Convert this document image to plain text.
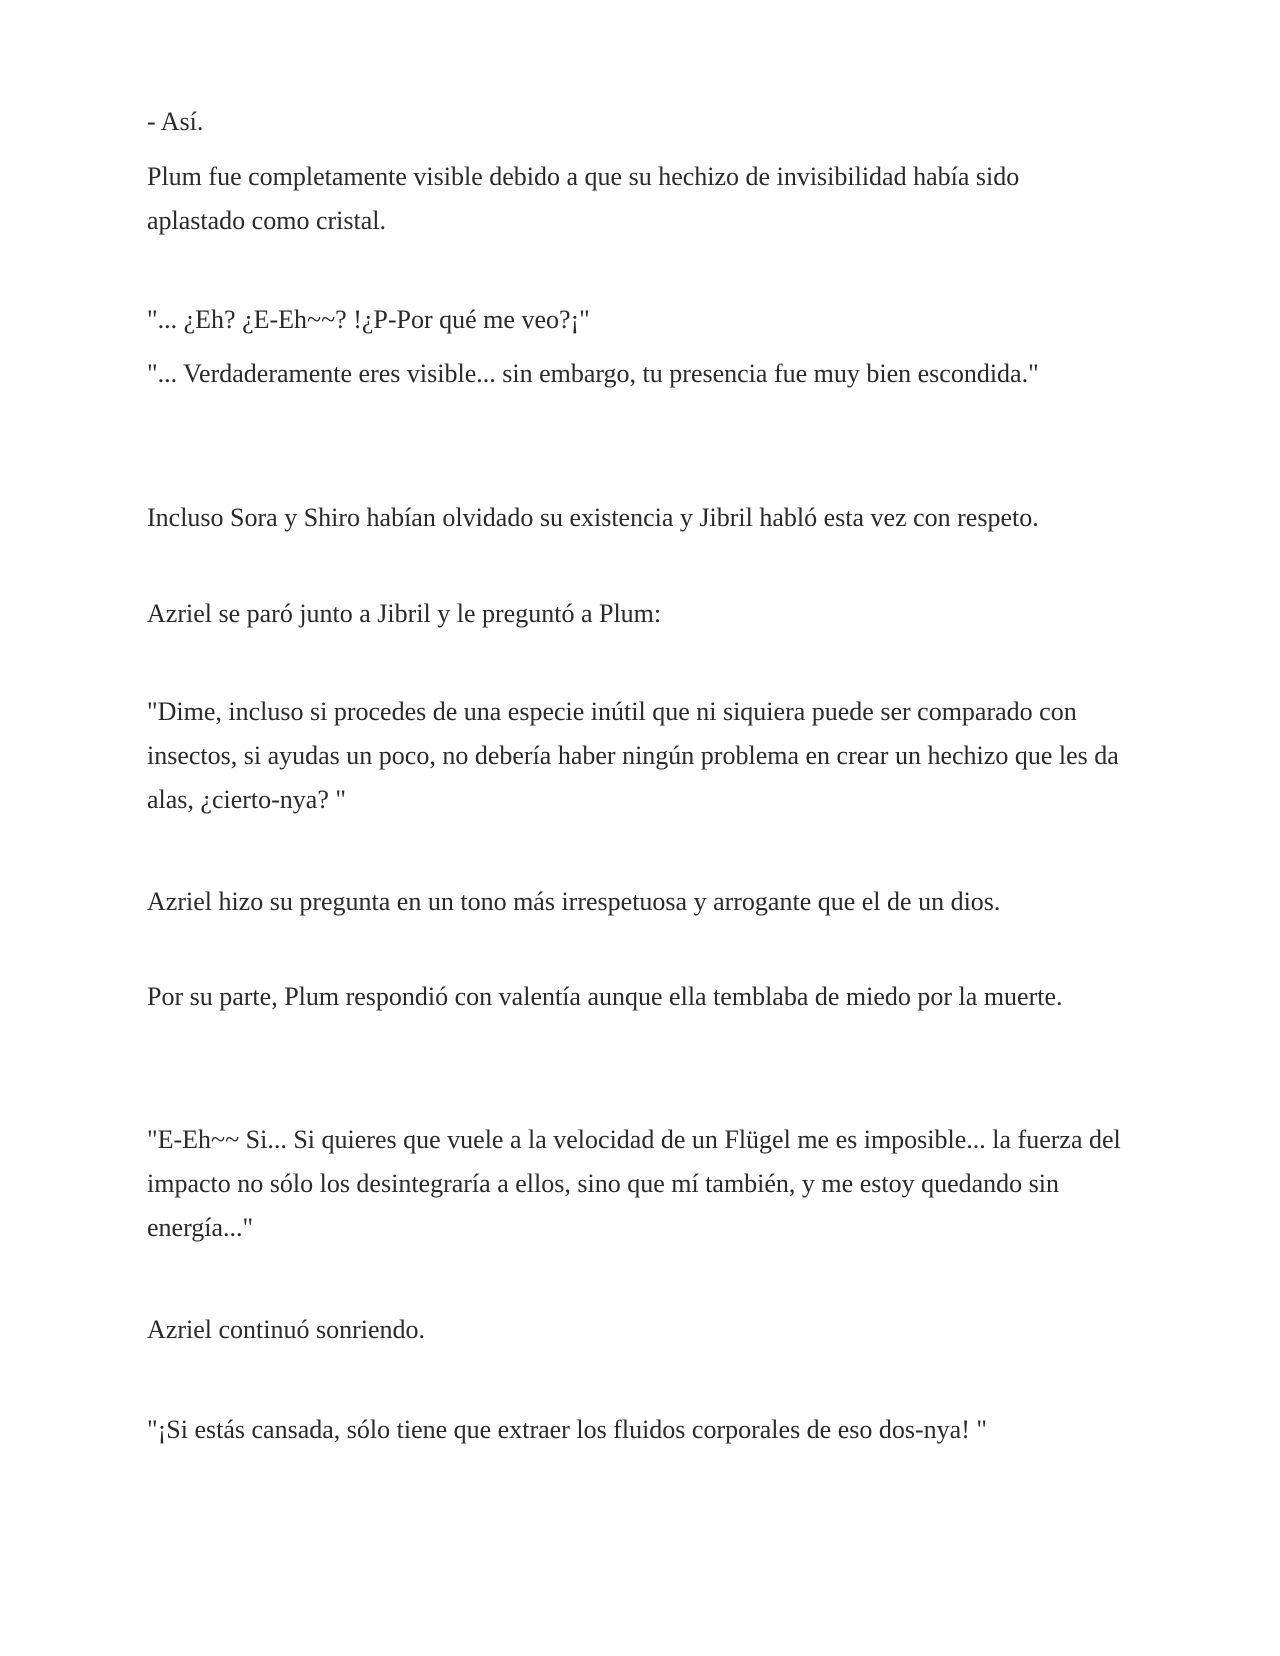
- Así.

Plum fue completamente visible debido a que su hechizo de invisibilidad había sido aplastado como cristal.

"... ¿Eh? ¿E-Eh~~? !¿P-Por qué me veo?¡"

"... Verdaderamente eres visible... sin embargo, tu presencia fue muy bien escondida."

Incluso Sora y Shiro habían olvidado su existencia y Jibril habló esta vez con respeto.

Azriel se paró junto a Jibril y le preguntó a Plum:

"Dime, incluso si procedes de una especie inútil que ni siquiera puede ser comparado con insectos, si ayudas un poco, no debería haber ningún problema en crear un hechizo que les da alas, ¿cierto-nya? "

Azriel hizo su pregunta en un tono más irrespetuosa y arrogante que el de un dios.

Por su parte, Plum respondió con valentía aunque ella temblaba de miedo por la muerte.

"E-Eh~~ Si... Si quieres que vuele a la velocidad de un Flügel me es imposible... la fuerza del impacto no sólo los desintegraría a ellos, sino que mí también, y me estoy quedando sin energía..."

Azriel continuó sonriendo.

"¡Si estás cansada, sólo tiene que extraer los fluidos corporales de eso dos-nya! "
